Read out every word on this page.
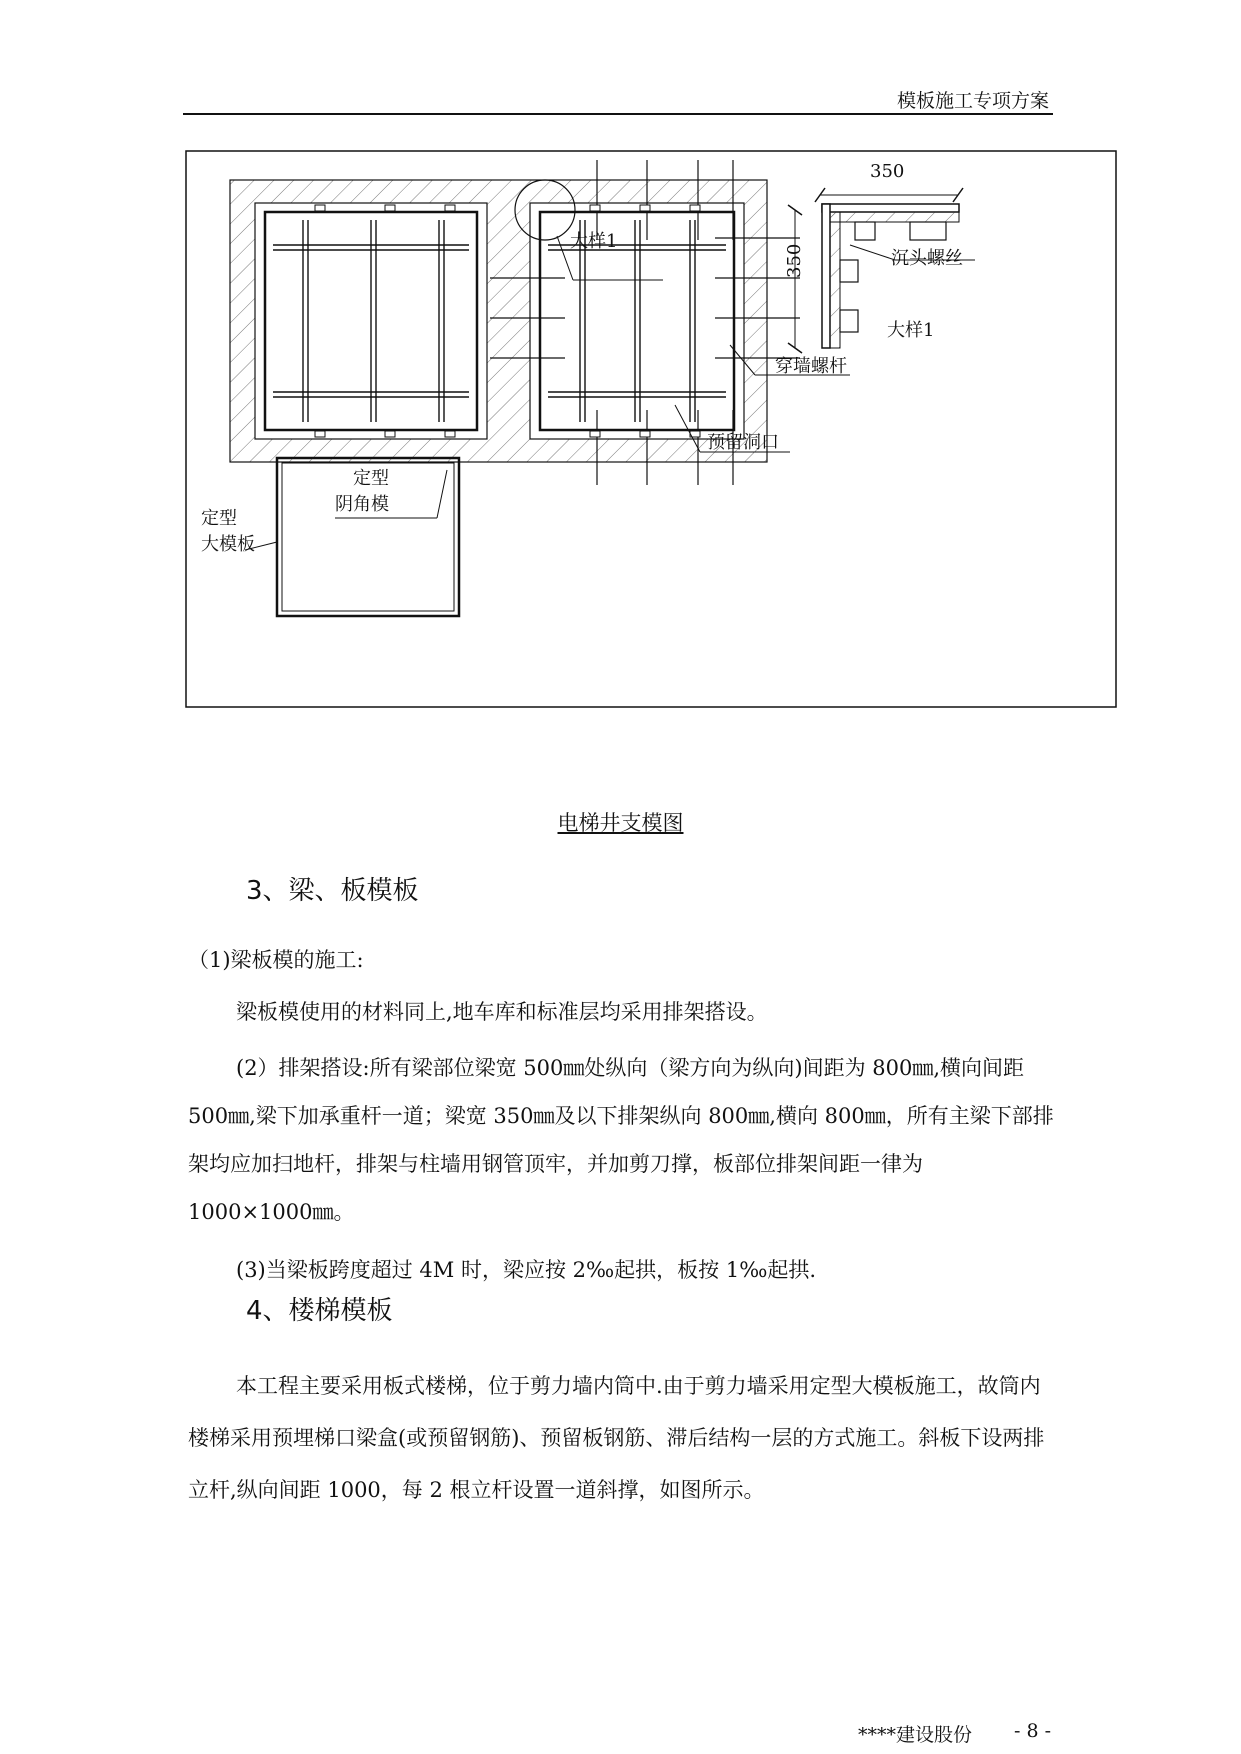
模板施工专项方案
大样1
350
350	沉头螺丝
大样1
穿墙螺杆
预留洞口
定型
阴角模
定型
大模板
电梯井支模图
3、梁、板模板
（1)梁板模的施工:
梁板模使用的材料同上,地车库和标准层均采用排架搭设。
(2）排架搭设:所有梁部位梁宽 500㎜处纵向（梁方向为纵向)间距为 800㎜,横向间距 500㎜,梁下加承重杆一道；梁宽 350㎜及以下排架纵向 800㎜,横向 800㎜，所有主梁下部排架均应加扫地杆，排架与柱墙用钢管顶牢，并加剪刀撑，板部位排架间距一律为 1000×1000㎜。
(3)当梁板跨度超过 4M 时，梁应按 2‰起拱，板按 1‰起拱.
4、楼梯模板
本工程主要采用板式楼梯，位于剪力墙内筒中.由于剪力墙采用定型大模板施工，故筒内楼梯采用预埋梯口梁盒(或预留钢筋)、预留板钢筋、滞后结构一层的方式施工。斜板下设两排立杆,纵向间距 1000，每 2 根立杆设置一道斜撑，如图所示。
****建设股份 - 8 -
